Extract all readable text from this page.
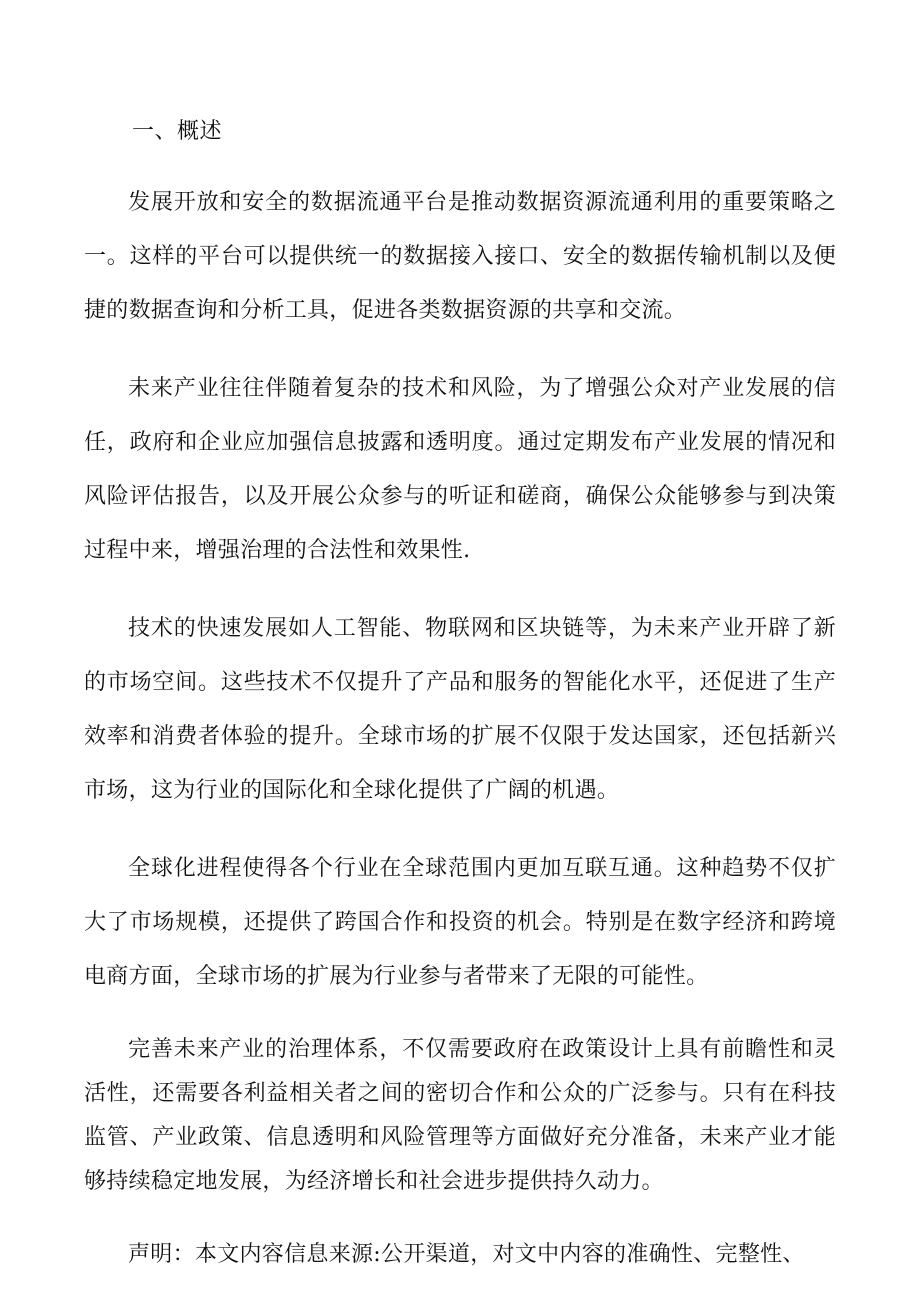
一、概述

发展开放和安全的数据流通平台是推动数据资源流通利用的重要策略之一。这样的平台可以提供统一的数据接入接口、安全的数据传输机制以及便捷的数据查询和分析工具，促进各类数据资源的共享和交流。

未来产业往往伴随着复杂的技术和风险，为了增强公众对产业发展的信任，政府和企业应加强信息披露和透明度。通过定期发布产业发展的情况和风险评估报告，以及开展公众参与的听证和磋商，确保公众能够参与到决策过程中来，增强治理的合法性和效果性.

技术的快速发展如人工智能、物联网和区块链等，为未来产业开辟了新的市场空间。这些技术不仅提升了产品和服务的智能化水平，还促进了生产效率和消费者体验的提升。全球市场的扩展不仅限于发达国家，还包括新兴市场，这为行业的国际化和全球化提供了广阔的机遇。

全球化进程使得各个行业在全球范围内更加互联互通。这种趋势不仅扩大了市场规模，还提供了跨国合作和投资的机会。特别是在数字经济和跨境电商方面，全球市场的扩展为行业参与者带来了无限的可能性。

完善未来产业的治理体系，不仅需要政府在政策设计上具有前瞻性和灵活性，还需要各利益相关者之间的密切合作和公众的广泛参与。只有在科技监管、产业政策、信息透明和风险管理等方面做好充分准备，未来产业才能够持续稳定地发展，为经济增长和社会进步提供持久动力。

声明：本文内容信息来源:公开渠道，对文中内容的准确性、完整性、
